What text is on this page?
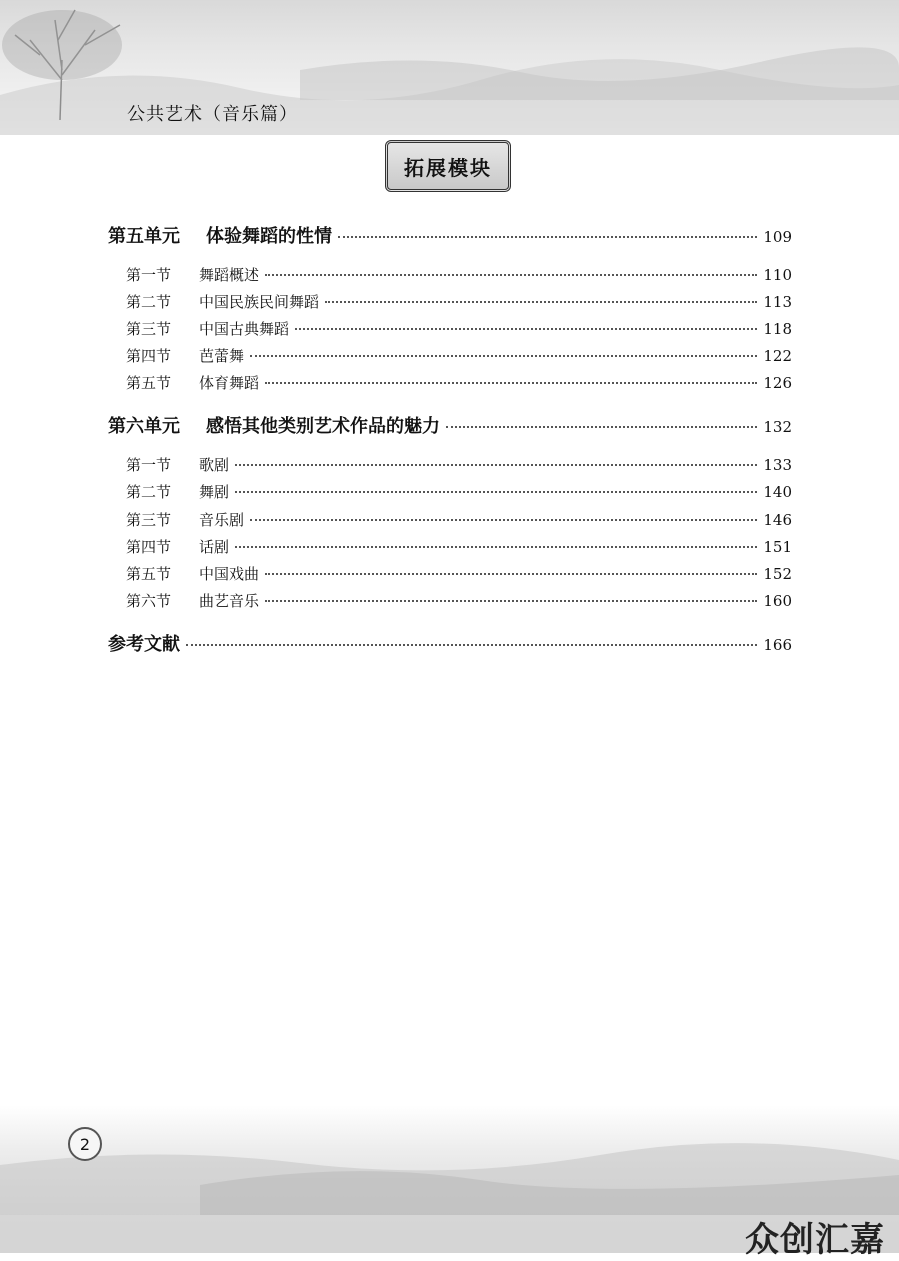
公共艺术（音乐篇）
拓展模块
第五单元	体验舞蹈的性情	109
第一节	舞蹈概述	110
第二节	中国民族民间舞蹈	113
第三节	中国古典舞蹈	118
第四节	芭蕾舞	122
第五节	体育舞蹈	126
第六单元	感悟其他类别艺术作品的魅力	132
第一节	歌剧	133
第二节	舞剧	140
第三节	音乐剧	146
第四节	话剧	151
第五节	中国戏曲	152
第六节	曲艺音乐	160
参考文献	166
2
众创汇嘉
